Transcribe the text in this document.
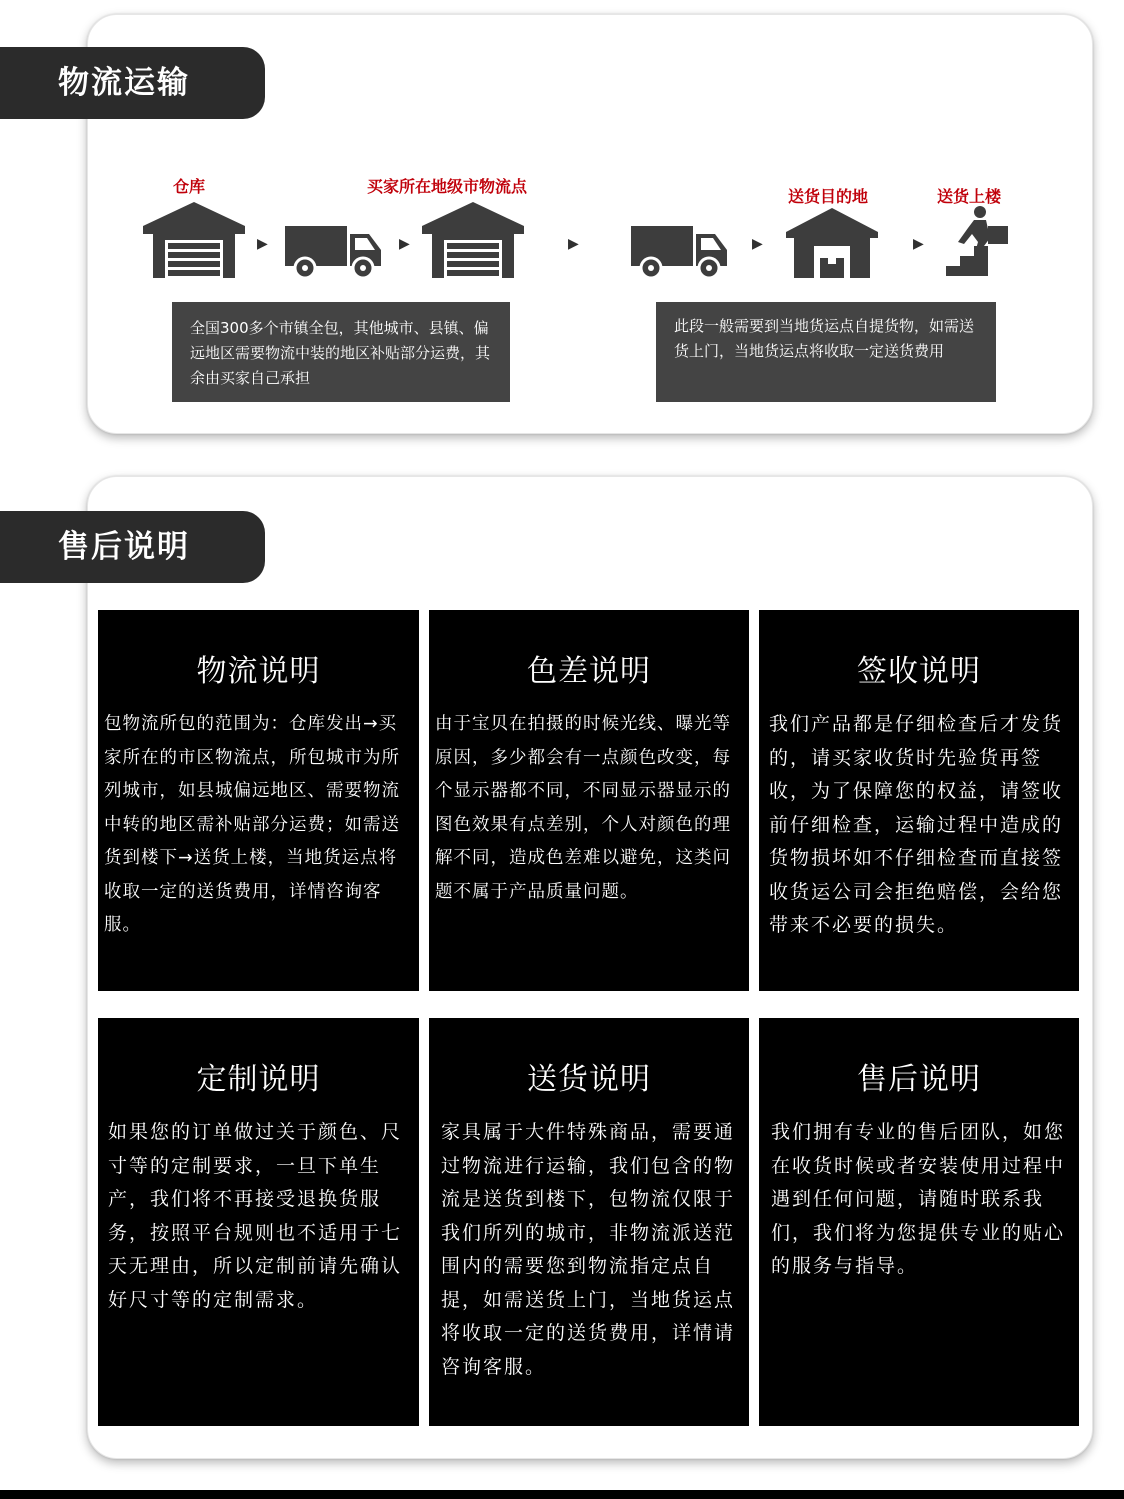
物流运输
仓库	买家所在地级市物流点
送货目的地	送货上楼
▶	▶	▶	▶	▶
全国300多个市镇全包，其他城市、县镇、偏远地区需要物流中装的地区补贴部分运费，其余由买家自己承担
此段一般需要到当地货运点自提货物，如需送货上门，当地货运点将收取一定送货费用
售后说明
物流说明
包物流所包的范围为：仓库发出→买家所在的市区物流点，所包城市为所列城市，如县城偏远地区、需要物流中转的地区需补贴部分运费；如需送货到楼下→送货上楼，当地货运点将收取一定的送货费用，详情咨询客服。
色差说明
由于宝贝在拍摄的时候光线、曝光等原因，多少都会有一点颜色改变，每个显示器都不同，不同显示器显示的图色效果有点差别，个人对颜色的理解不同，造成色差难以避免，这类问题不属于产品质量问题。
签收说明
我们产品都是仔细检查后才发货的，请买家收货时先验货再签收，为了保障您的权益，请签收前仔细检查，运输过程中造成的货物损坏如不仔细检查而直接签收货运公司会拒绝赔偿，会给您带来不必要的损失。
定制说明
如果您的订单做过关于颜色、尺寸等的定制要求，一旦下单生产，我们将不再接受退换货服务，按照平台规则也不适用于七天无理由，所以定制前请先确认好尺寸等的定制需求。
送货说明
家具属于大件特殊商品，需要通过物流进行运输，我们包含的物流是送货到楼下，包物流仅限于我们所列的城市，非物流派送范围内的需要您到物流指定点自提，如需送货上门，当地货运点将收取一定的送货费用，详情请咨询客服。
售后说明
我们拥有专业的售后团队，如您在收货时候或者安装使用过程中遇到任何问题，请随时联系我们，我们将为您提供专业的贴心的服务与指导。
